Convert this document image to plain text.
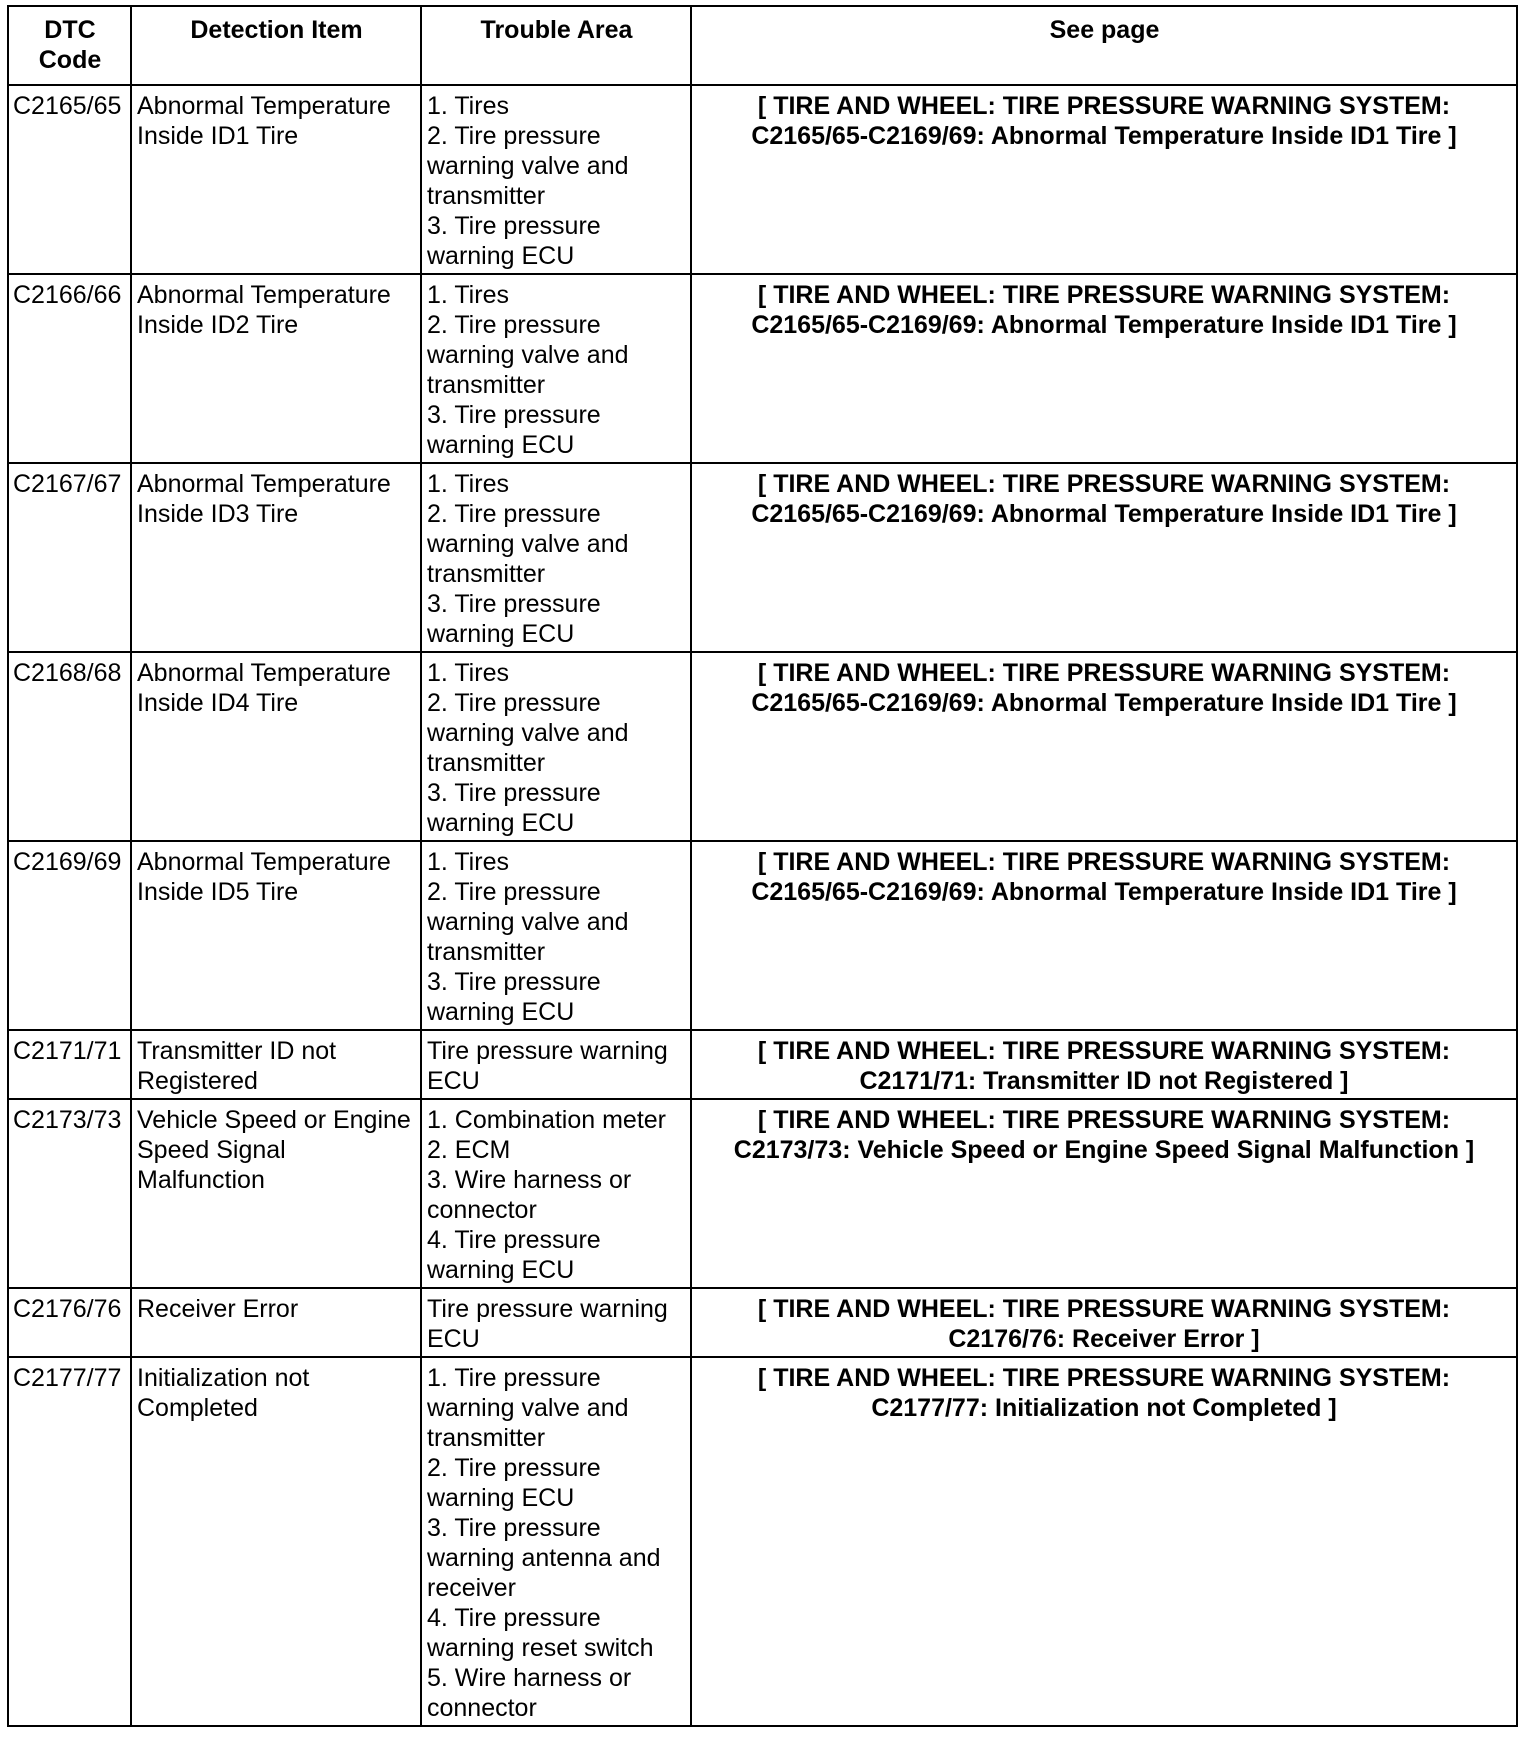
DTC
Code	Detection Item	Trouble Area	See page
C2165/65	Abnormal Temperature Inside ID1 Tire	1. Tires
2. Tire pressure warning valve and transmitter
3. Tire pressure warning ECU	[ TIRE AND WHEEL: TIRE PRESSURE WARNING SYSTEM:
C2165/65-C2169/69: Abnormal Temperature Inside ID1 Tire ]

C2166/66	Abnormal Temperature Inside ID2 Tire	1. Tires
2. Tire pressure warning valve and transmitter
3. Tire pressure warning ECU	[ TIRE AND WHEEL: TIRE PRESSURE WARNING SYSTEM:
C2165/65-C2169/69: Abnormal Temperature Inside ID1 Tire ]

C2167/67	Abnormal Temperature Inside ID3 Tire	1. Tires
2. Tire pressure warning valve and transmitter
3. Tire pressure warning ECU	[ TIRE AND WHEEL: TIRE PRESSURE WARNING SYSTEM:
C2165/65-C2169/69: Abnormal Temperature Inside ID1 Tire ]

C2168/68	Abnormal Temperature Inside ID4 Tire	1. Tires
2. Tire pressure warning valve and transmitter
3. Tire pressure warning ECU	[ TIRE AND WHEEL: TIRE PRESSURE WARNING SYSTEM:
C2165/65-C2169/69: Abnormal Temperature Inside ID1 Tire ]

C2169/69	Abnormal Temperature Inside ID5 Tire	1. Tires
2. Tire pressure warning valve and transmitter
3. Tire pressure warning ECU	[ TIRE AND WHEEL: TIRE PRESSURE WARNING SYSTEM:
C2165/65-C2169/69: Abnormal Temperature Inside ID1 Tire ]

C2171/71	Transmitter ID not Registered	Tire pressure warning ECU	[ TIRE AND WHEEL: TIRE PRESSURE WARNING SYSTEM:
C2171/71: Transmitter ID not Registered ]

C2173/73	Vehicle Speed or Engine Speed Signal Malfunction	1. Combination meter
2. ECM
3. Wire harness or connector
4. Tire pressure warning ECU	[ TIRE AND WHEEL: TIRE PRESSURE WARNING SYSTEM:
C2173/73: Vehicle Speed or Engine Speed Signal Malfunction ]

C2176/76	Receiver Error	Tire pressure warning ECU	[ TIRE AND WHEEL: TIRE PRESSURE WARNING SYSTEM:
C2176/76: Receiver Error ]

C2177/77	Initialization not Completed	1. Tire pressure warning valve and transmitter
2. Tire pressure warning ECU
3. Tire pressure warning antenna and receiver
4. Tire pressure warning reset switch
5. Wire harness or connector	[ TIRE AND WHEEL: TIRE PRESSURE WARNING SYSTEM:
C2177/77: Initialization not Completed ]
